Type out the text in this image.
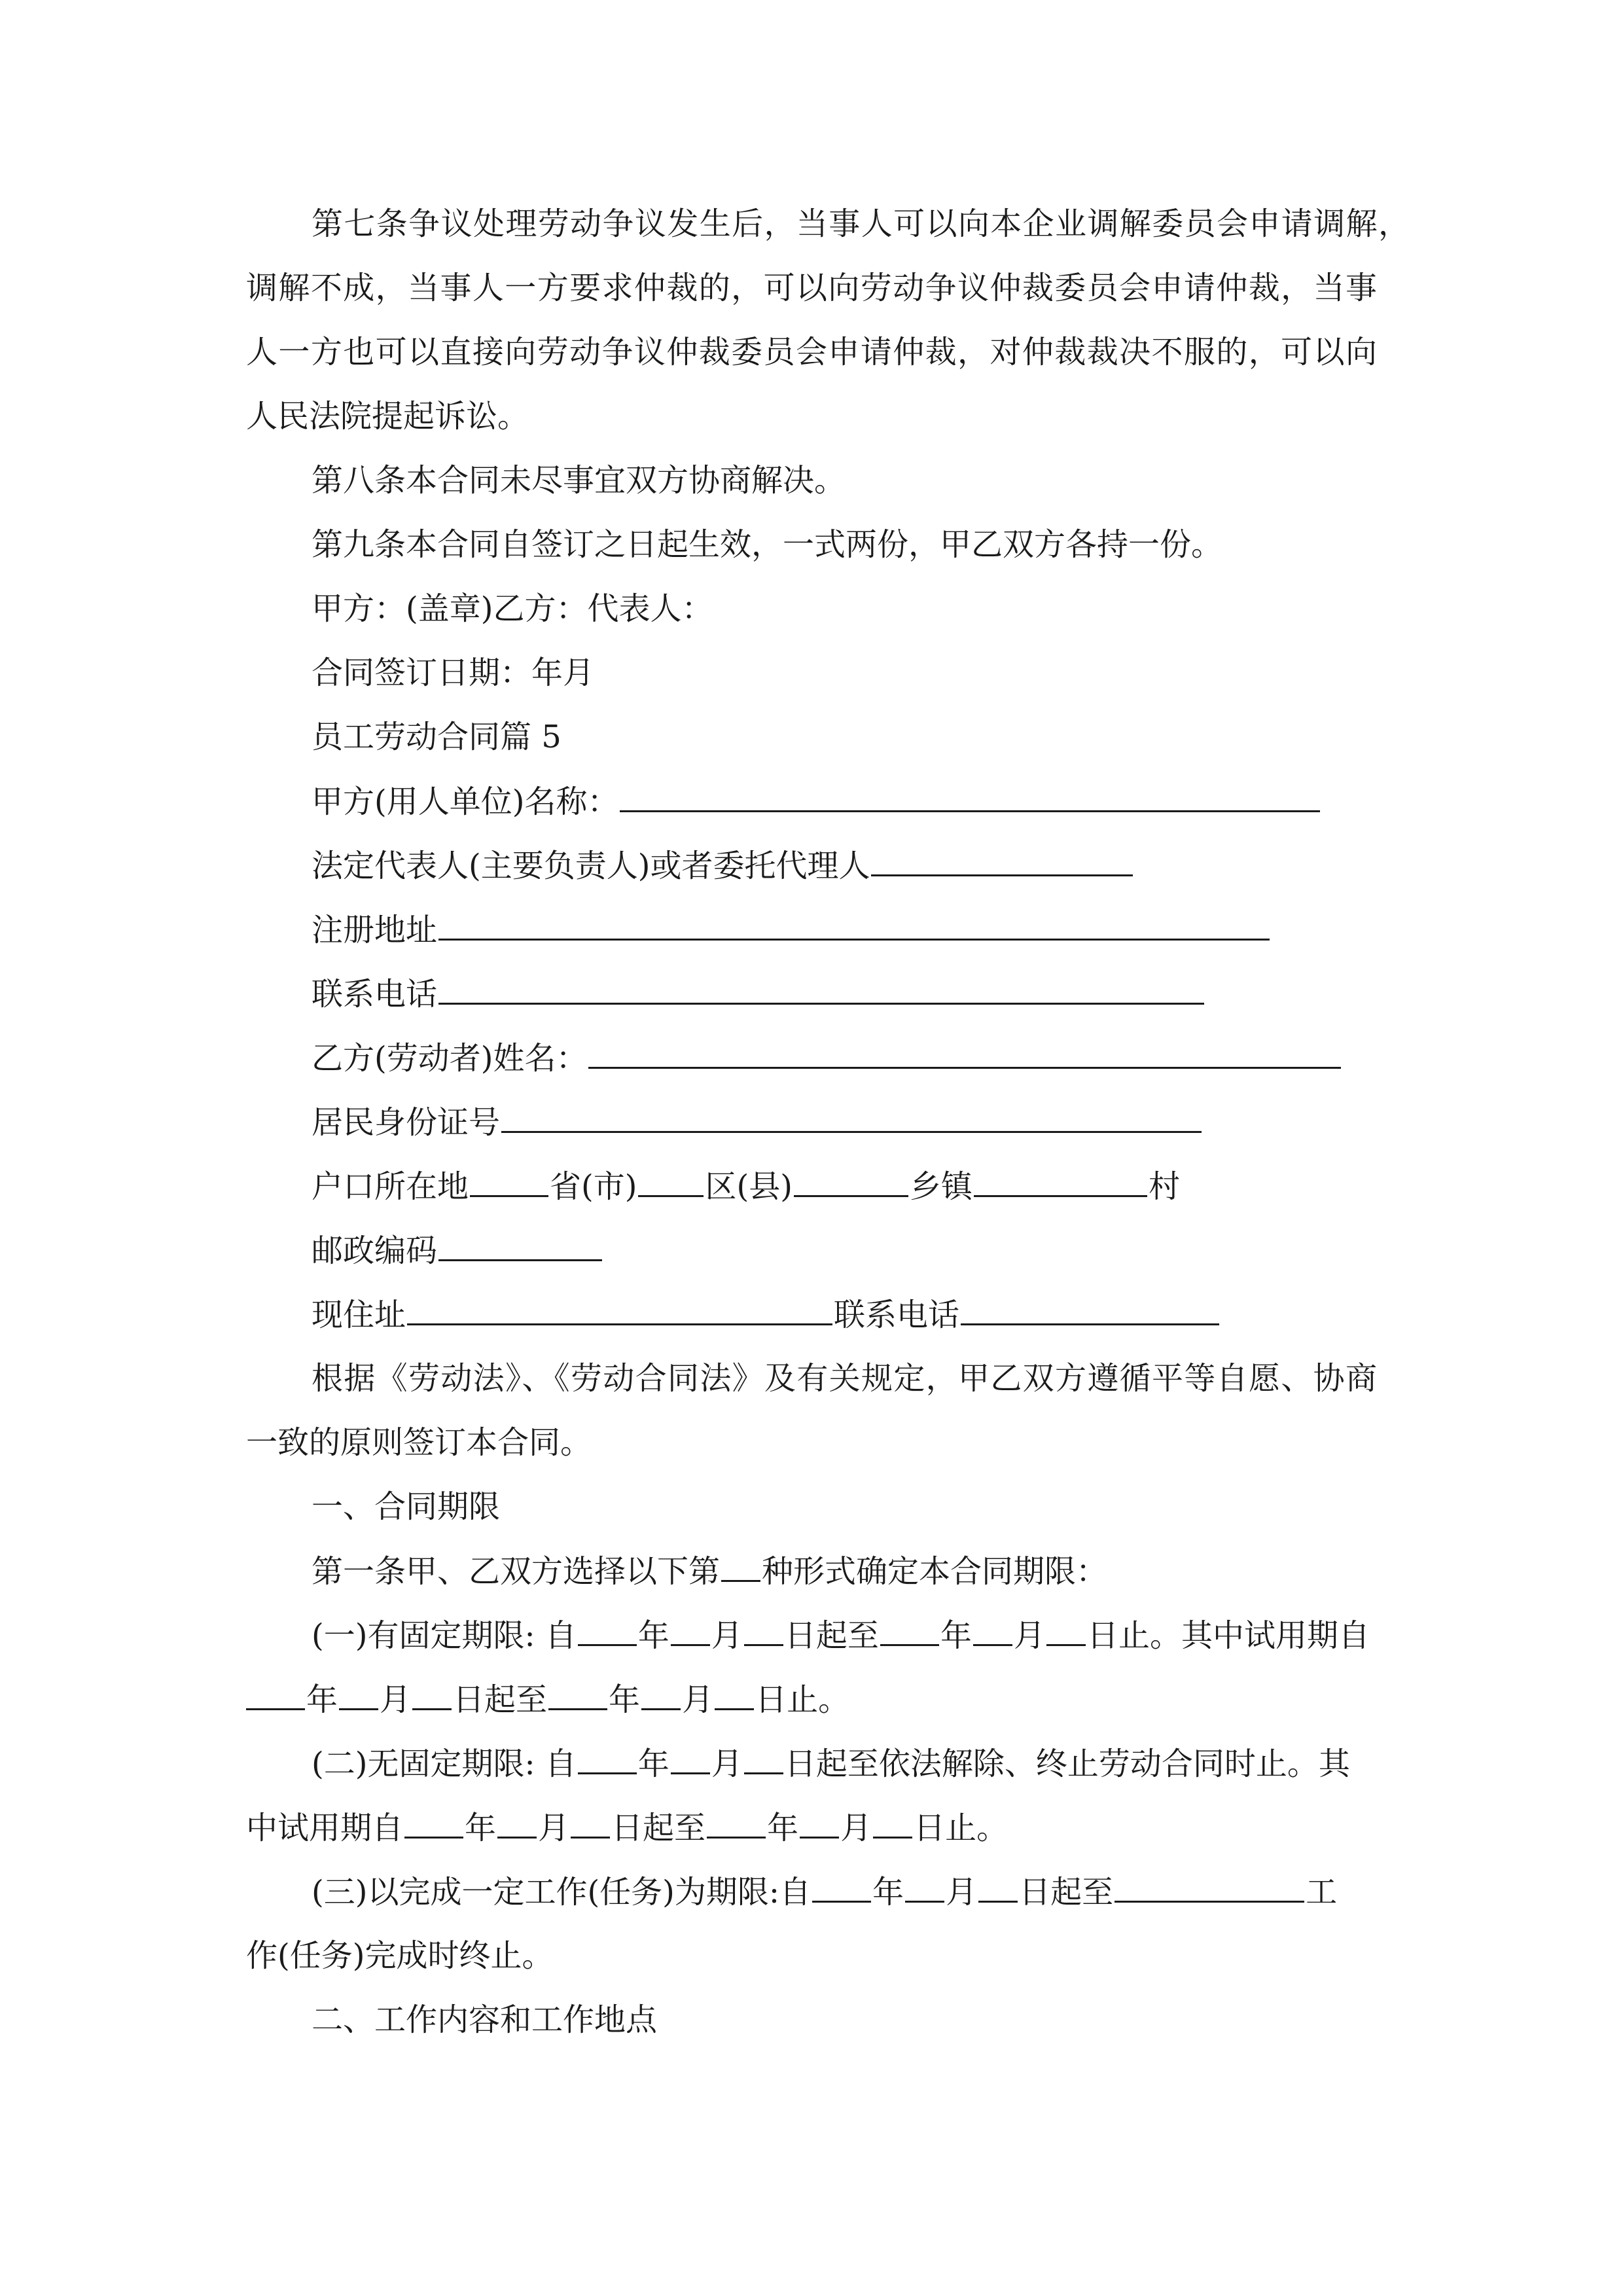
第七条争议处理劳动争议发生后，当事人可以向本企业调解委员会申请调解，
调解不成，当事人一方要求仲裁的，可以向劳动争议仲裁委员会申请仲裁，当事
人一方也可以直接向劳动争议仲裁委员会申请仲裁，对仲裁裁决不服的，可以向
人民法院提起诉讼。
第八条本合同未尽事宜双方协商解决。
第九条本合同自签订之日起生效，一式两份，甲乙双方各持一份。
甲方：(盖章)乙方：代表人：
合同签订日期：年月
员工劳动合同篇 5
甲方(用人单位)名称：
法定代表人(主要负责人)或者委托代理人
注册地址
联系电话
乙方(劳动者)姓名：
居民身份证号
户口所在地	省(市) 区(县)	乡镇	村
邮政编码
现住址	联系电话
根据《劳动法》、《劳动合同法》及有关规定，甲乙双方遵循平等自愿、协商
一致的原则签订本合同。
一、合同期限
第一条甲、乙双方选择以下第 种形式确定本合同期限：
(一)有固定期限: 自 年 月 日起至 年 月 日止。其中试用期自
年 月 日起至 年 月 日止。
(二)无固定期限: 自 年 月 日起至依法解除、终止劳动合同时止。其
中试用期自 年 月 日起至 年 月 日止。
(三)以完成一定工作(任务)为期限:自 年 月 日起至	工
作(任务)完成时终止。
二、工作内容和工作地点
